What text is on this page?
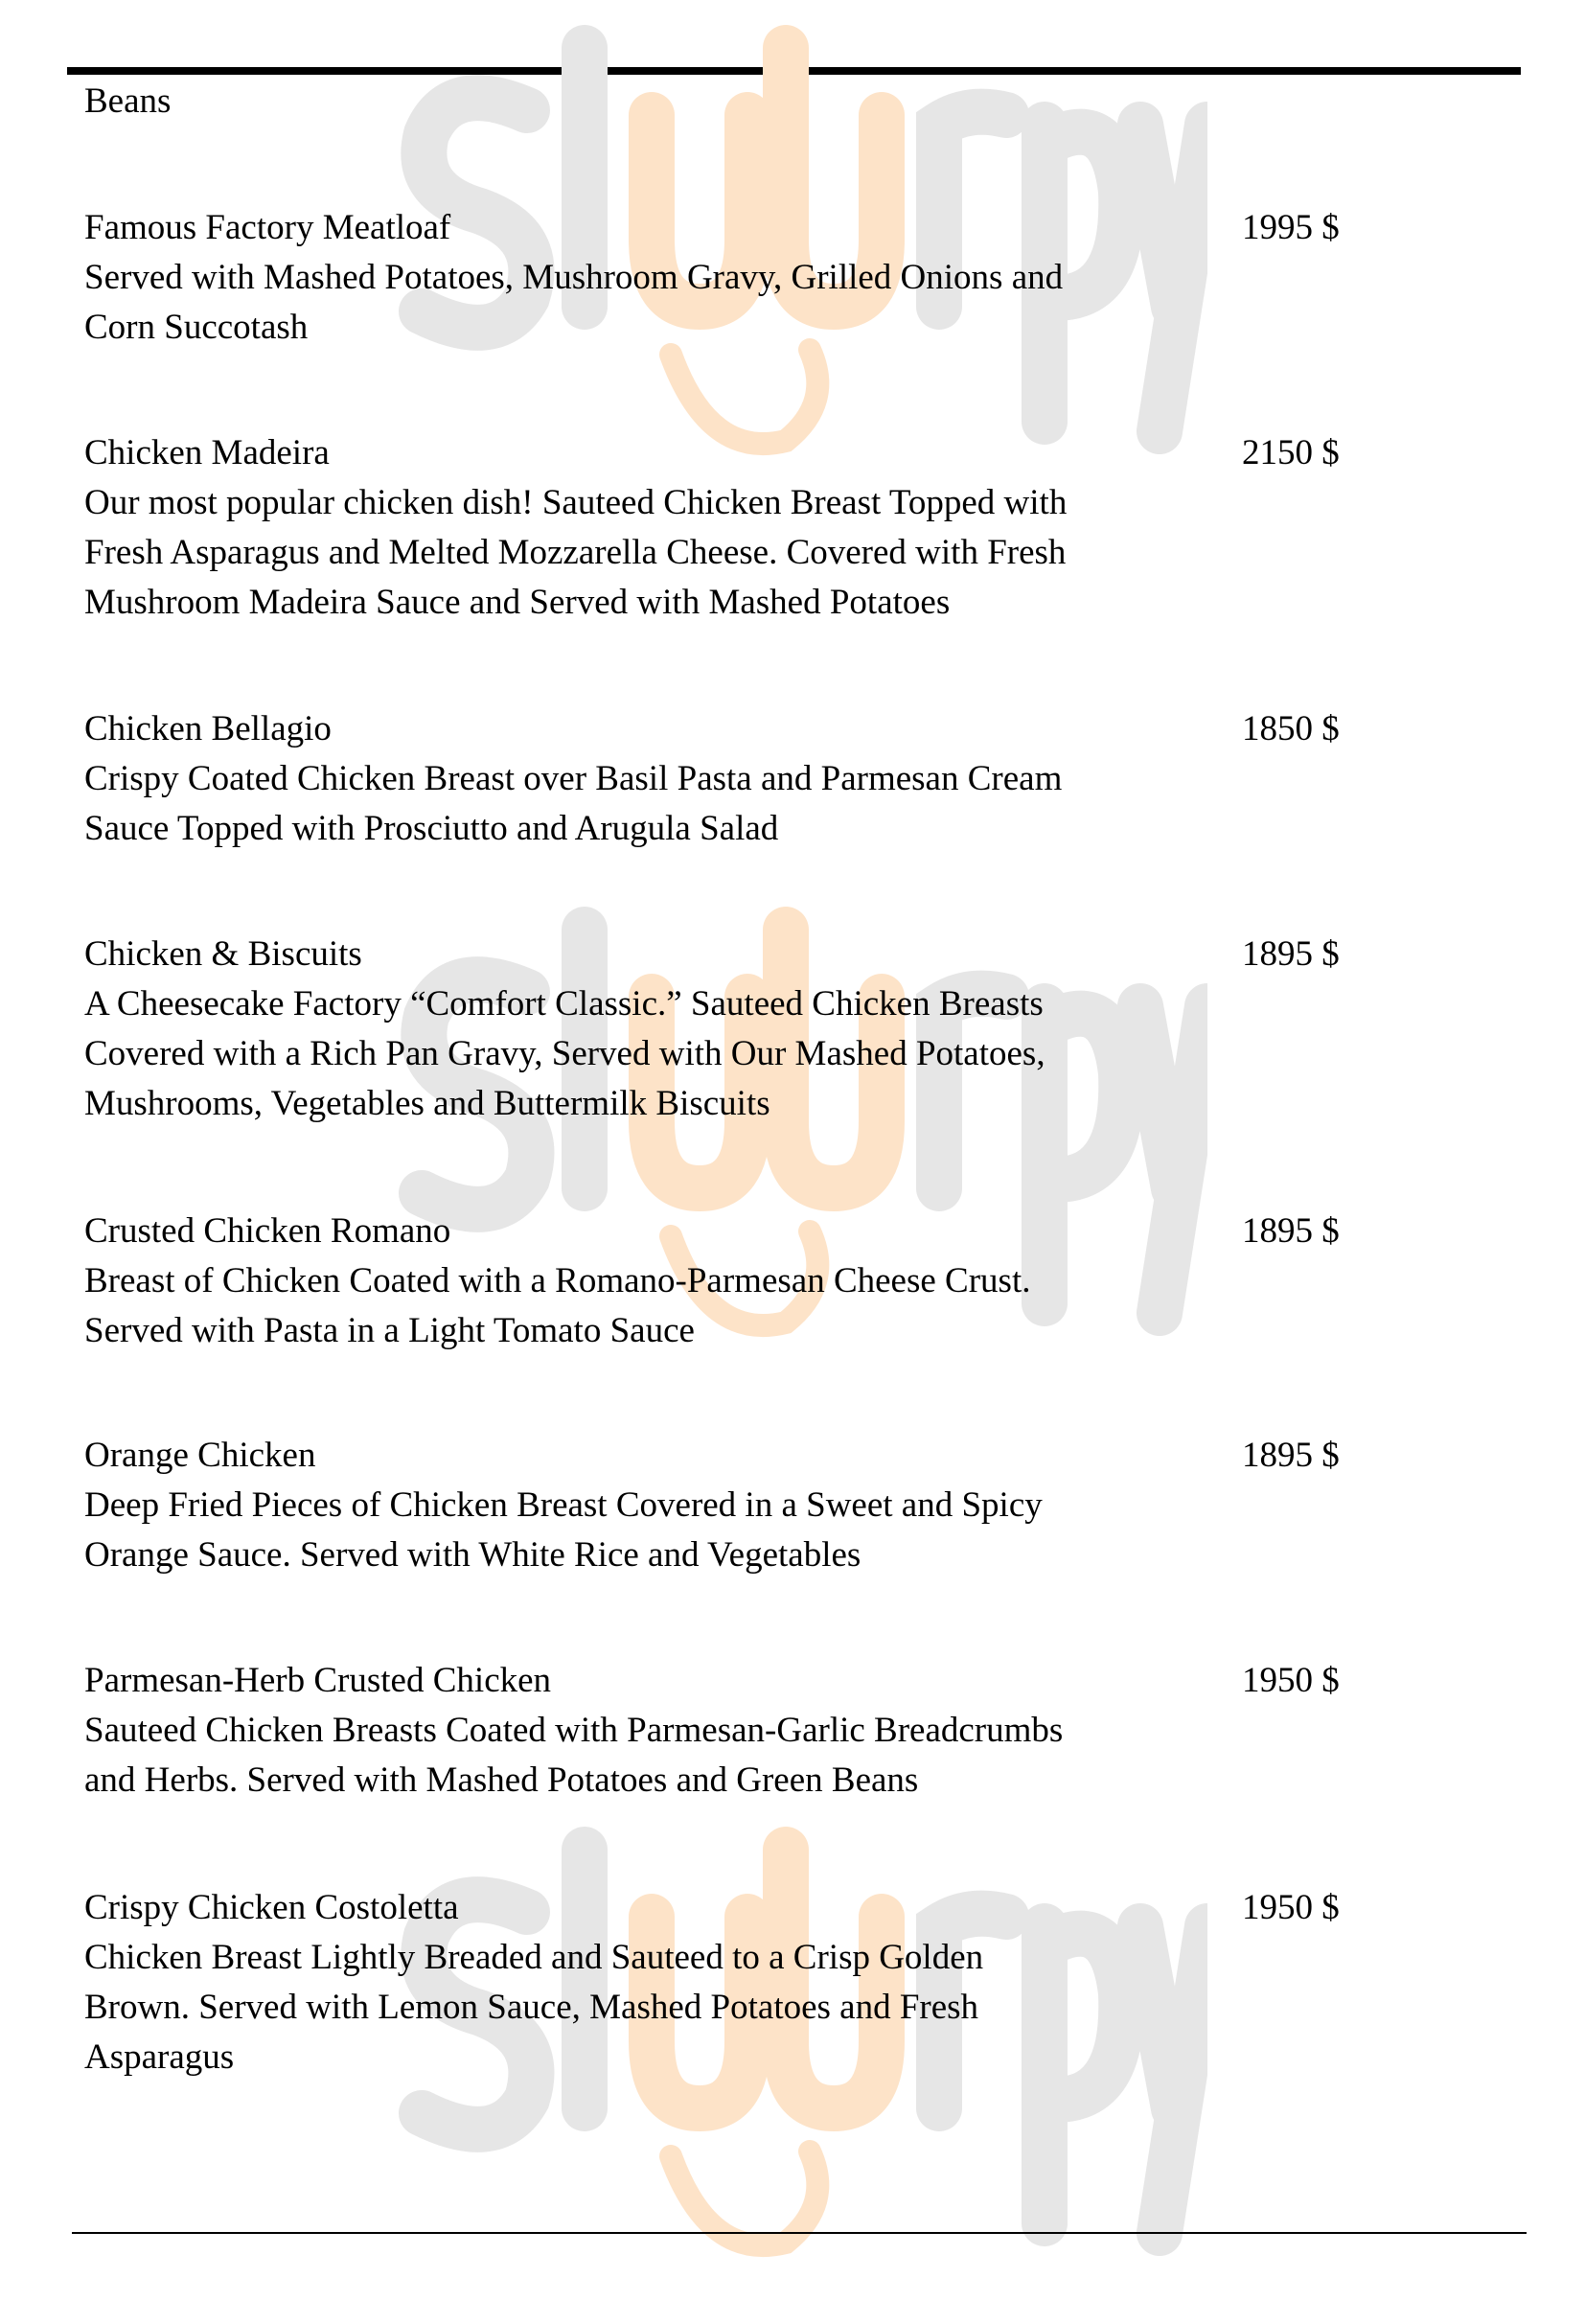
Beans
Famous Factory Meatloaf	1995 $
Served with Mashed Potatoes, Mushroom Gravy, Grilled Onions and
Corn Succotash
Chicken Madeira	2150 $
Our most popular chicken dish! Sauteed Chicken Breast Topped with
Fresh Asparagus and Melted Mozzarella Cheese. Covered with Fresh
Mushroom Madeira Sauce and Served with Mashed Potatoes
Chicken Bellagio	1850 $
Crispy Coated Chicken Breast over Basil Pasta and Parmesan Cream
Sauce Topped with Prosciutto and Arugula Salad
Chicken & Biscuits	1895 $
A Cheesecake Factory “Comfort Classic.” Sauteed Chicken Breasts
Covered with a Rich Pan Gravy, Served with Our Mashed Potatoes,
Mushrooms, Vegetables and Buttermilk Biscuits
Crusted Chicken Romano	1895 $
Breast of Chicken Coated with a Romano-Parmesan Cheese Crust.
Served with Pasta in a Light Tomato Sauce
Orange Chicken	1895 $
Deep Fried Pieces of Chicken Breast Covered in a Sweet and Spicy
Orange Sauce. Served with White Rice and Vegetables
Parmesan-Herb Crusted Chicken	1950 $
Sauteed Chicken Breasts Coated with Parmesan-Garlic Breadcrumbs
and Herbs. Served with Mashed Potatoes and Green Beans
Crispy Chicken Costoletta	1950 $
Chicken Breast Lightly Breaded and Sauteed to a Crisp Golden
Brown. Served with Lemon Sauce, Mashed Potatoes and Fresh
Asparagus
